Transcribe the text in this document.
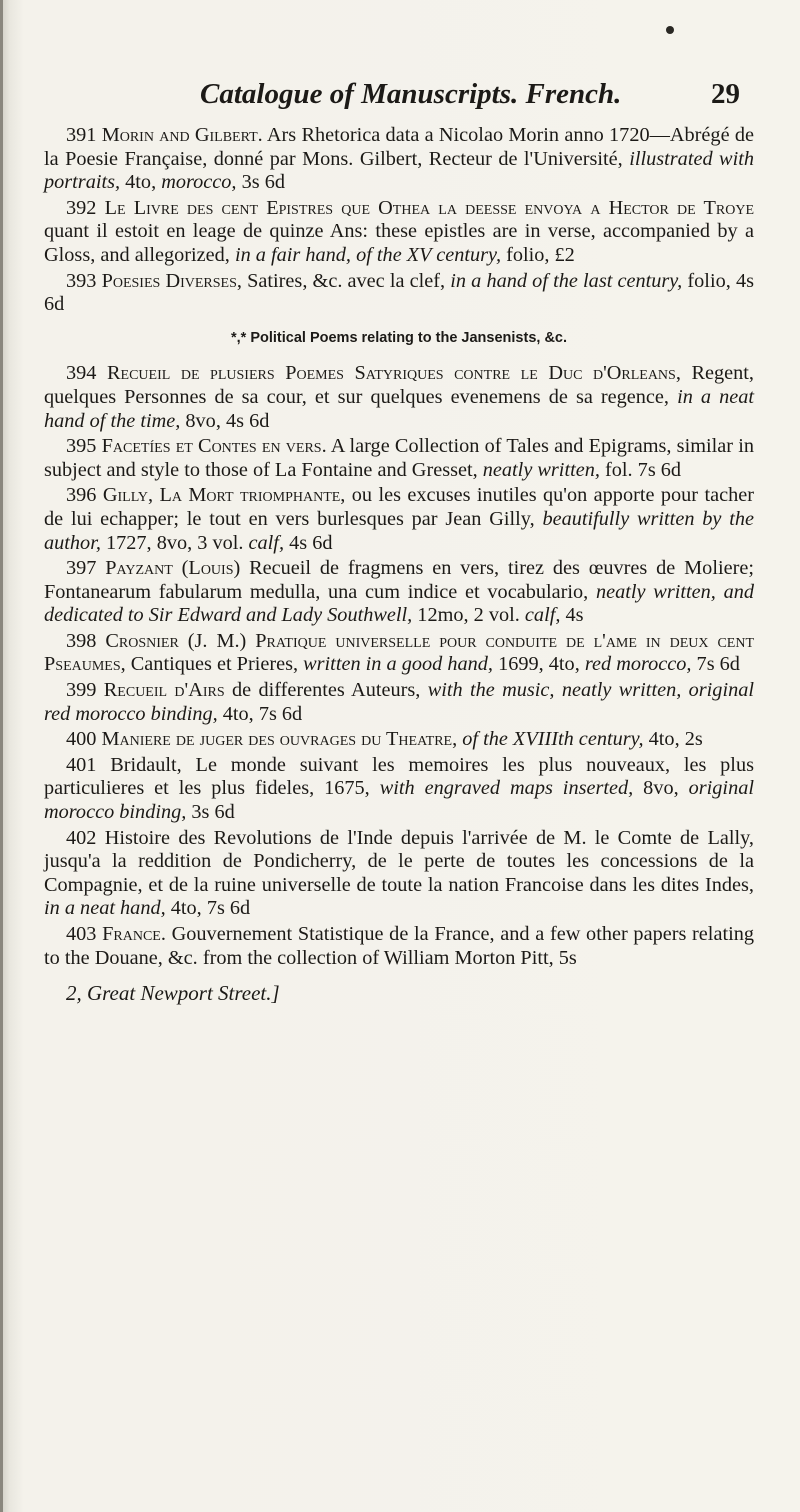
Catalogue of Manuscripts. French.	29

391 Morin and Gilbert. Ars Rhetorica data a Nicolao Morin anno 1720—Abrégé de la Poesie Française, donné par Mons. Gilbert, Recteur de l'Université, illustrated with portraits, 4to, morocco, 3s 6d

392 Le Livre des cent Epistres que Othea la deesse envoya a Hector de Troye quant il estoit en leage de quinze Ans: these epistles are in verse, accompanied by a Gloss, and allegorized, in a fair hand, of the XV century, folio, £2

393 Poesies Diverses, Satires, &c. avec la clef, in a hand of the last century, folio, 4s 6d

*,* Political Poems relating to the Jansenists, &c.

394 Recueil de plusiers Poemes Satyriques contre le Duc d'Orleans, Regent, quelques Personnes de sa cour, et sur quelques evenemens de sa regence, in a neat hand of the time, 8vo, 4s 6d

395 Facetíes et Contes en vers. A large Collection of Tales and Epigrams, similar in subject and style to those of La Fontaine and Gresset, neatly written, fol. 7s 6d

396 Gilly, La Mort triomphante, ou les excuses inutiles qu'on apporte pour tacher de lui echapper; le tout en vers burlesques par Jean Gilly, beautifully written by the author, 1727, 8vo, 3 vol. calf, 4s 6d

397 Payzant (Louis) Recueil de fragmens en vers, tirez des œuvres de Moliere; Fontanearum fabularum medulla, una cum indice et vocabulario, neatly written, and dedicated to Sir Edward and Lady Southwell, 12mo, 2 vol. calf, 4s

398 Crosnier (J. M.) Pratique universelle pour conduite de l'ame in deux cent Pseaumes, Cantiques et Prieres, written in a good hand, 1699, 4to, red morocco, 7s 6d

399 Recueil d'Airs de differentes Auteurs, with the music, neatly written, original red morocco binding, 4to, 7s 6d

400 Maniere de juger des ouvrages du Theatre, of the XVIIIth century, 4to, 2s

401 Bridault, Le monde suivant les memoires les plus nouveaux, les plus particulieres et les plus fideles, 1675, with engraved maps inserted, 8vo, original morocco binding, 3s 6d

402 Histoire des Revolutions de l'Inde depuis l'arrivée de M. le Comte de Lally, jusqu'a la reddition de Pondicherry, de le perte de toutes les concessions de la Compagnie, et de la ruine universelle de toute la nation Francoise dans les dites Indes, in a neat hand, 4to, 7s 6d

403 France. Gouvernement Statistique de la France, and a few other papers relating to the Douane, &c. from the collection of William Morton Pitt, 5s

2, Great Newport Street.]
